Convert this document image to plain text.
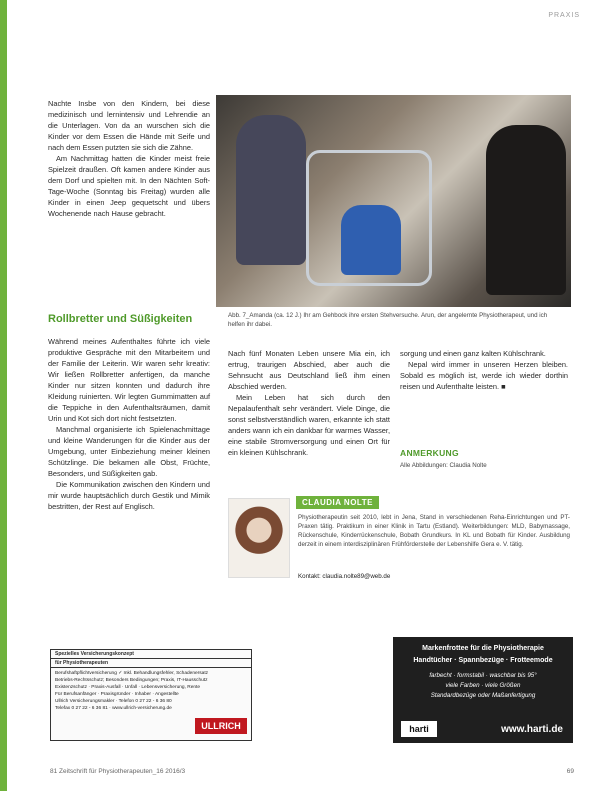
PRAXIS

Nachte Insbe von den Kindern, bei diese medizinisch und lernintensiv und Lehrendie an die Unterlagen. Von da an wurschen sich die Kinder vor dem Essen die Hände mit Seife und nach dem Essen putzten sie sich die Zähne.

Am Nachmittag hatten die Kinder meist freie Spielzeit draußen. Oft kamen andere Kinder aus dem Dorf und spielten mit. In den Nächten Soft-Tage-Woche (Sonntag bis Freitag) wurden alle Kinder in einen Jeep gequetscht und übers Wochenende nach Hause gebracht.

Rollbretter und Süßigkeiten	Abb. 7_Amanda (ca. 12 J.) Ihr am Gehbock ihre ersten Stehversuche. Arun, der angelernte Physiotherapeut, und ich helfen ihr dabei.

Während meines Aufenthaltes führte ich viele produktive Gespräche mit den Mitarbeitern und der Familie der Leiterin. Wir waren sehr kreativ: Wir ließen Rollbretter anfertigen, da manche Kinder nur sitzen konnten und dadurch ihre Kleidung ruinierten. Wir legten Gummimatten auf die Teppiche in den Aufenthaltsräumen, damit Urin und Kot sich dort nicht festsetzten.

Manchmal organisierte ich Spielenachmittage und kleine Wanderungen für die Kinder aus der Umgebung, unter Einbeziehung meiner kleinen Schützlinge. Die bekamen alle Obst, Früchte, Besonders, und Süßigkeiten gab.

Die Kommunikation zwischen den Kindern und mir wurde hauptsächlich durch Gestik und Mimik bestritten, der Rest auf Englisch.

Nach fünf Monaten Leben unsere Mia ein, ich ertrug, traurigen Abschied, aber auch die Sehnsucht aus Deutschland ließ ihm einen Abschied werden.

Mein Leben hat sich durch den Nepalaufenthalt sehr verändert. Viele Dinge, die sonst selbstverständlich waren, erkannte ich statt anders wann ich ein dankbar für warmes Wasser, eine stabile Stromversorgung und einen Ort für ein kleinen Kühlschrank.

sorgung und einen ganz kalten Kühlschrank.

Nepal wird immer in unseren Herzen bleiben. Sobald es möglich ist, werde ich wieder dorthin reisen und Aufenthalte leisten. ■

ANMERKUNG
Alle Abbildungen: Claudia Nolte
CLAUDIA NOLTE
Physiotherapeutin seit 2010, lebt in Jena, Stand in verschiedenen Reha-Einrichtungen und PT-Praxen tätig. Praktikum in einer Klinik in Tartu (Estland). Weiterbildungen: MLD, Babymassage, Rückenschule, Kinderrückenschule, Bobath Grundkurs. In KL und Bobath für Kinder. Ausbildung derzeit in einem interdisziplinären Frühförderstelle der Lebenshilfe Gera e. V. tätig.
Kontakt: claudia.nolte89@web.de
Spezielles Versicherungskonzept
für Physiotherapeuten
Berufshaftpflichtversicherung ✓ Inkl. Behandlungsfehler, Schadenersatz
Betriebs-Rechtsschutz; Besonders Bedingungen; Praxis, IT-Hausschutz
Existenzschutz · Praxis-Ausfall · Unfall · Lebensversicherung, Rente
Für Berufsanfänger · Praxisgründer · Inhaber · Angestellte
Ullrich Versicherungsmakler · Telefon 0 27 22 - 6 36 80
Telefax 0 27 22 - 6 36 81 · www.ullrich-versicherung.de
ULLRICH
Markenfrottee für die Physiotherapie
Handtücher · Spannbezüge · Frotteemode
farbecht · formstabil · waschbar bis 95°
viele Farben · viele Größen
Standardbezüge oder Maßanfertigung
harti	www.harti.de
81 Zeitschrift für Physiotherapeuten_16 2016/3	69
